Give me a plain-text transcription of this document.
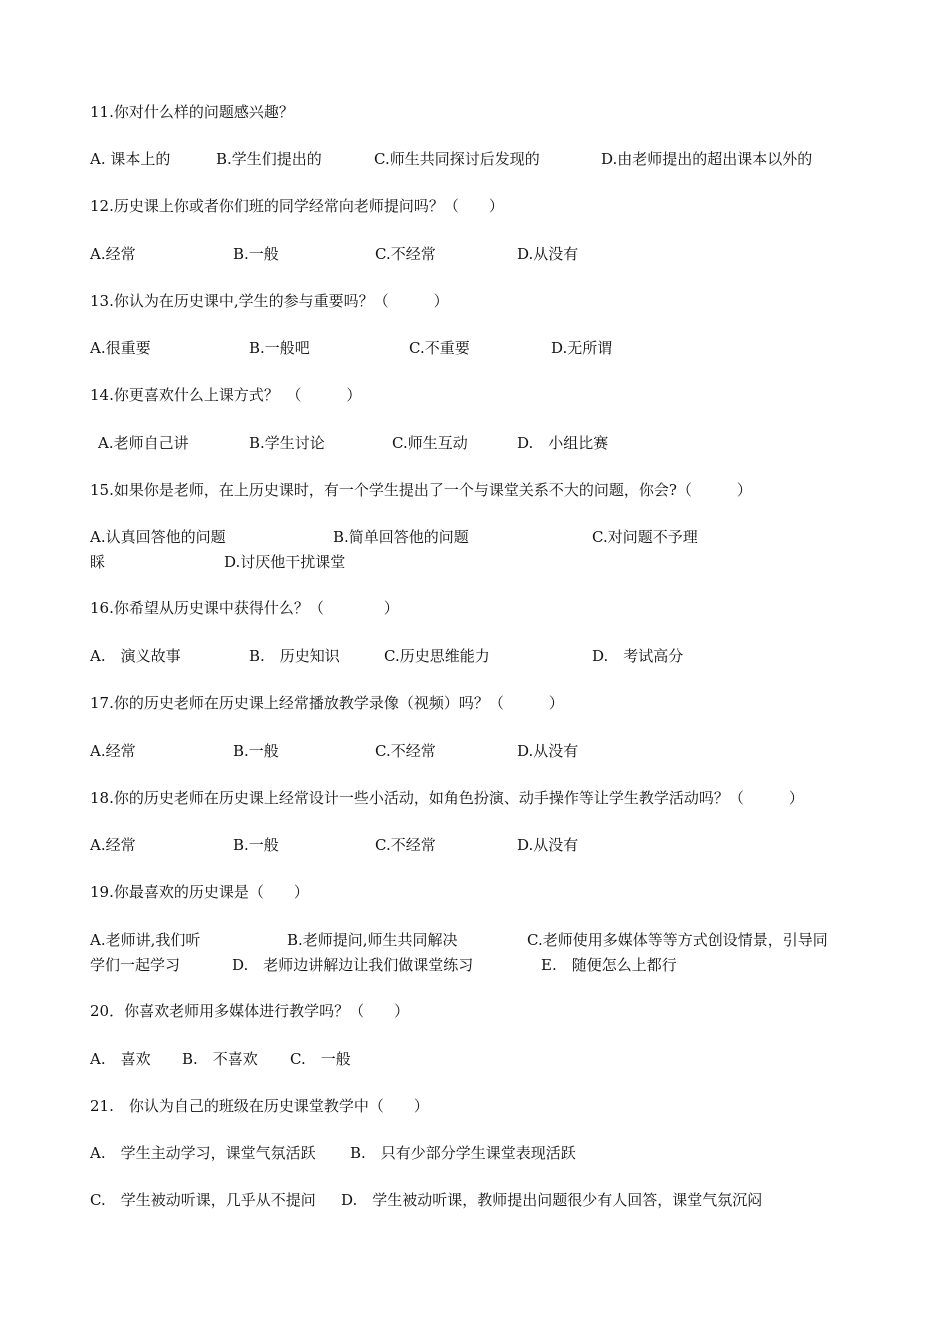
11.你对什么样的问题感兴趣？

A. 课本上的	B.学生们提出的	C.师生共同探讨后发现的	D.由老师提出的超出课本以外的

12.历史课上你或者你们班的同学经常向老师提问吗？（　　）

A.经常	B.一般	C.不经常	D.从没有

13.你认为在历史课中,学生的参与重要吗？（　　　）

A.很重要	B.一般吧	C.不重要	D.无所谓

14.你更喜欢什么上课方式？　（　　　）

A.老师自己讲	B.学生讨论	C.师生互动	D.　小组比赛

15.如果你是老师，在上历史课时，有一个学生提出了一个与课堂关系不大的问题，你会?（　　　）

A.认真回答他的问题	B.简单回答他的问题	C.对问题不予理
睬	D.讨厌他干扰课堂

16.你希望从历史课中获得什么？（　　　　）

A.　演义故事	B.　历史知识	C.历史思维能力	D.　考试高分

17.你的历史老师在历史课上经常播放教学录像（视频）吗？（　　　）

A.经常	B.一般	C.不经常	D.从没有

18.你的历史老师在历史课上经常设计一些小活动，如角色扮演、动手操作等让学生教学活动吗？（　　　）

A.经常	B.一般	C.不经常	D.从没有

19.你最喜欢的历史课是（　　）

A.老师讲,我们听	B.老师提问,师生共同解决	C.老师使用多媒体等等方式创设情景，引导同
学们一起学习	D.　老师边讲解边让我们做课堂练习	E.　随便怎么上都行

20．你喜欢老师用多媒体进行教学吗？（　　）

A.　喜欢 B.　不喜欢 C.　一般

21.　你认为自己的班级在历史课堂教学中（　　）

A.　学生主动学习，课堂气氛活跃 B.　只有少部分学生课堂表现活跃
C.　学生被动听课，几乎从不提问 D.　学生被动听课，教师提出问题很少有人回答，课堂气氛沉闷
